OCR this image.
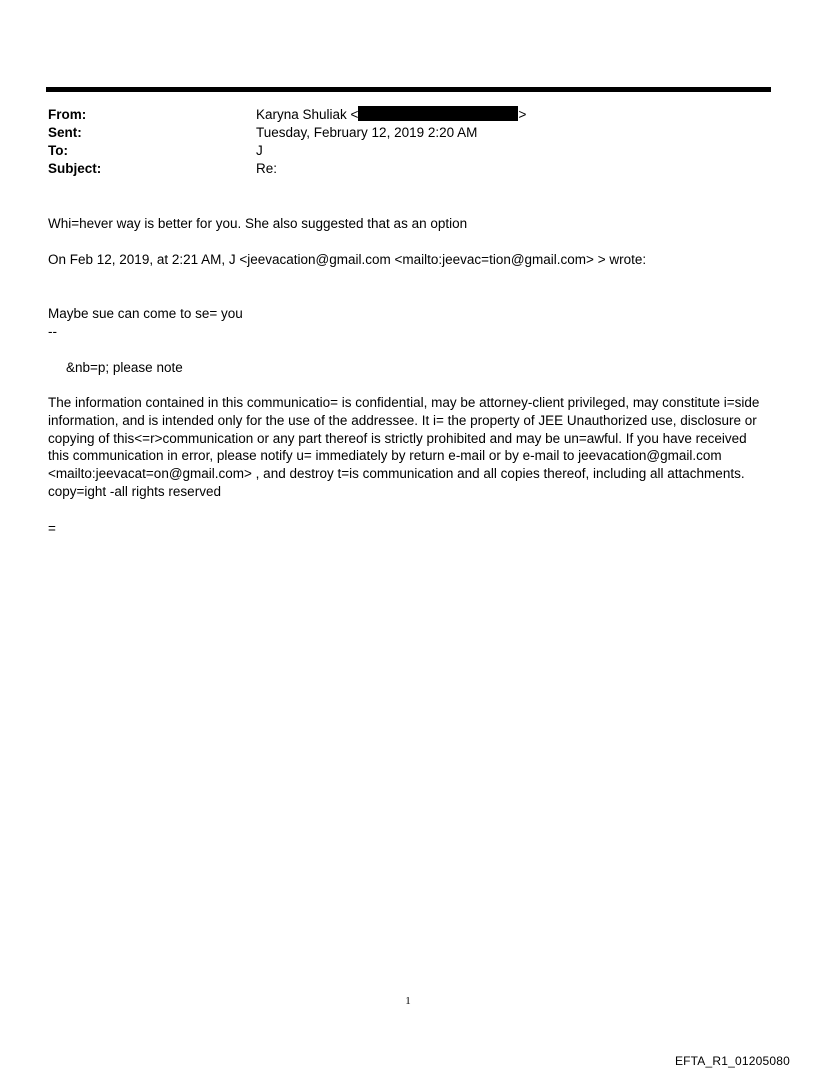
From:	Karyna Shuliak <	>
Sent:	Tuesday, February 12, 2019 2:20 AM
To:	J
Subject:	Re:
Whi=hever way is better for you. She also suggested that as an option
On Feb 12, 2019, at 2:21 AM, J <jeevacation@gmail.com <mailto:jeevac=tion@gmail.com> > wrote:
Maybe sue can come to se= you
--
&nb=p; please note
The information contained in this communicatio= is confidential, may be attorney-client privileged, may constitute i=side information, and is intended only for the use of the addressee. It i= the property of JEE Unauthorized use, disclosure or copying of this<=r>communication or any part thereof is strictly prohibited and may be un=awful. If you have received this communication in error, please notify u= immediately by return e-mail or by e-mail to jeevacation@gmail.com <mailto:jeevacat=on@gmail.com> , and destroy t=is communication and all copies thereof, including all attachments. copy=ight -all rights reserved
=
1
EFTA_R1_01205080
